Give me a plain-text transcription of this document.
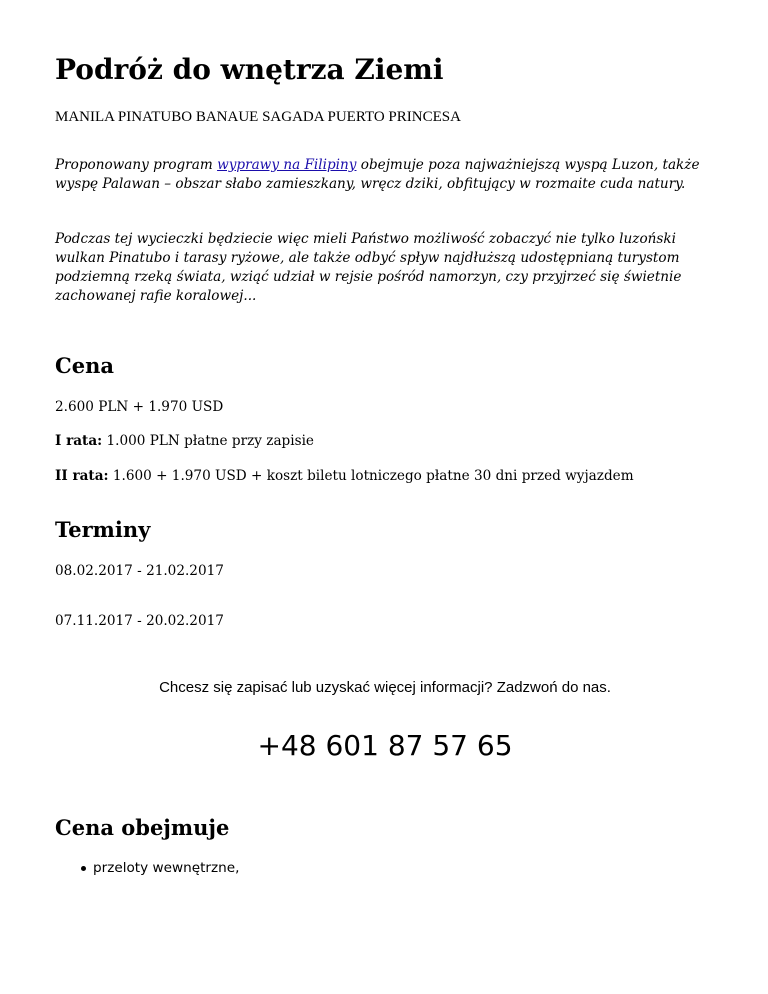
Podróż do wnętrza Ziemi

MANILA PINATUBO BANAUE SAGADA PUERTO PRINCESA

Proponowany program wyprawy na Filipiny obejmuje poza najważniejszą wyspą Luzon, także wyspę Palawan – obszar słabo zamieszkany, wręcz dziki, obfitujący w rozmaite cuda natury.

Podczas tej wycieczki będziecie więc mieli Państwo możliwość zobaczyć nie tylko luzoński wulkan Pinatubo i tarasy ryżowe, ale także odbyć spływ najdłuższą udostępnianą turystom podziemną rzeką świata, wziąć udział w rejsie pośród namorzyn, czy przyjrzeć się świetnie zachowanej rafie koralowej...

Cena

2.600 PLN + 1.970 USD

I rata: 1.000 PLN płatne przy zapisie

II rata: 1.600 + 1.970 USD + koszt biletu lotniczego płatne 30 dni przed wyjazdem

Terminy

08.02.2017 - 21.02.2017

07.11.2017 - 20.02.2017

Chcesz się zapisać lub uzyskać więcej informacji? Zadzwoń do nas.

+48 601 87 57 65

Cena obejmuje
przeloty wewnętrzne,
